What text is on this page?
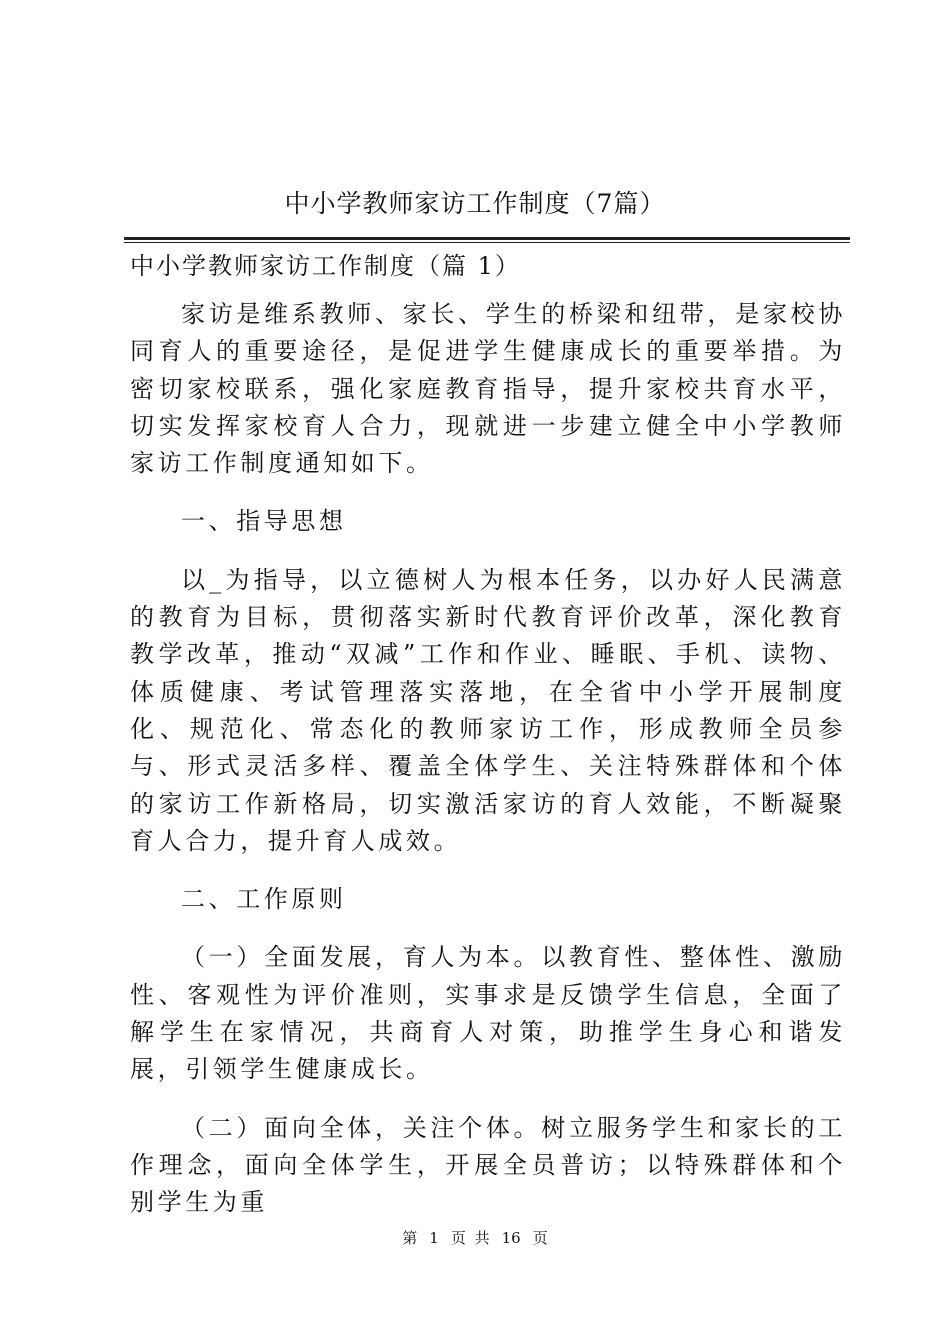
中小学教师家访工作制度（7篇）
中小学教师家访工作制度（篇 1）

家访是维系教师、家长、学生的桥梁和纽带，是家校协同育人的重要途径，是促进学生健康成长的重要举措。为密切家校联系，强化家庭教育指导，提升家校共育水平，切实发挥家校育人合力，现就进一步建立健全中小学教师家访工作制度通知如下。

一、指导思想

以_为指导，以立德树人为根本任务，以办好人民满意的教育为目标，贯彻落实新时代教育评价改革，深化教育教学改革，推动“双减”工作和作业、睡眠、手机、读物、体质健康、考试管理落实落地，在全省中小学开展制度化、规范化、常态化的教师家访工作，形成教师全员参与、形式灵活多样、覆盖全体学生、关注特殊群体和个体的家访工作新格局，切实激活家访的育人效能，不断凝聚育人合力，提升育人成效。

二、工作原则

（一）全面发展，育人为本。以教育性、整体性、激励性、客观性为评价准则，实事求是反馈学生信息，全面了解学生在家情况，共商育人对策，助推学生身心和谐发展，引领学生健康成长。

（二）面向全体，关注个体。树立服务学生和家长的工作理念，面向全体学生，开展全员普访；以特殊群体和个别学生为重

第 1 页 共 16 页
